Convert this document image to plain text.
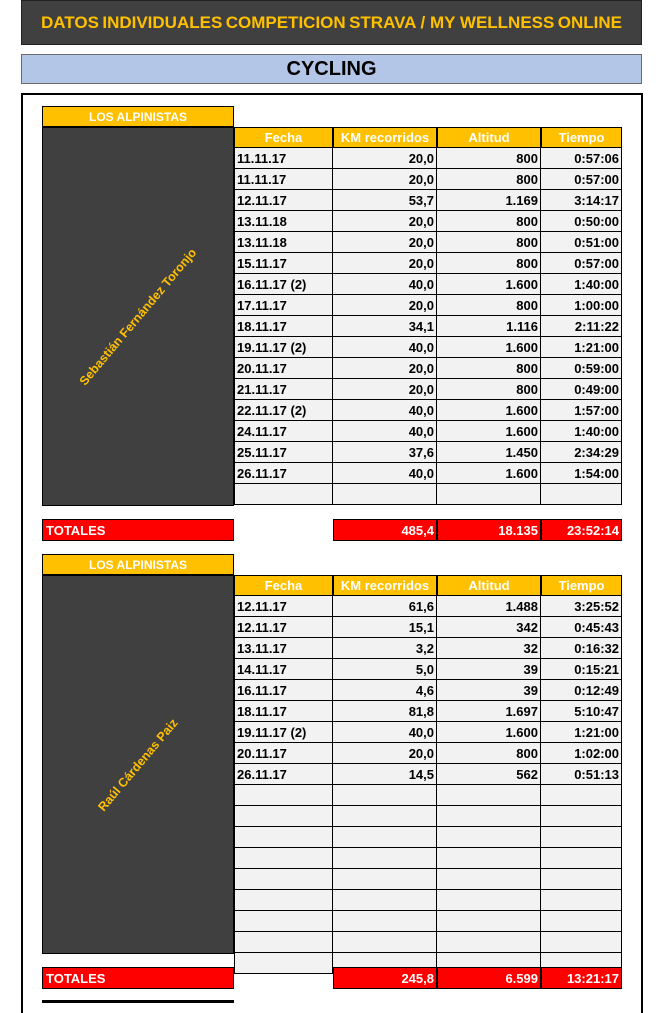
DATOS INDIVIDUALES COMPETICION STRAVA / MY WELLNESS ONLINE
CYCLING
LOS ALPINISTAS
Sebastián Fernández Toronjo
Fecha	KM recorridos	Altitud	Tiempo
11.11.17	20,0	800	0:57:06
11.11.17	20,0	800	0:57:00
12.11.17	53,7	1.169	3:14:17
13.11.18	20,0	800	0:50:00
13.11.18	20,0	800	0:51:00
15.11.17	20,0	800	0:57:00
16.11.17 (2)	40,0	1.600	1:40:00
17.11.17	20,0	800	1:00:00
18.11.17	34,1	1.116	2:11:22
19.11.17 (2)	40,0	1.600	1:21:00
20.11.17	20,0	800	0:59:00
21.11.17	20,0	800	0:49:00
22.11.17 (2)	40,0	1.600	1:57:00
24.11.17	40,0	1.600	1:40:00
25.11.17	37,6	1.450	2:34:29
26.11.17	40,0	1.600	1:54:00
TOTALES	485,4	18.135	23:52:14
LOS ALPINISTAS
Raúl Cárdenas Paiz
Fecha	KM recorridos	Altitud	Tiempo
12.11.17	61,6	1.488	3:25:52
12.11.17	15,1	342	0:45:43
13.11.17	3,2	32	0:16:32
14.11.17	5,0	39	0:15:21
16.11.17	4,6	39	0:12:49
18.11.17	81,8	1.697	5:10:47
19.11.17 (2)	40,0	1.600	1:21:00
20.11.17	20,0	800	1:02:00
26.11.17	14,5	562	0:51:13
TOTALES	245,8	6.599	13:21:17
